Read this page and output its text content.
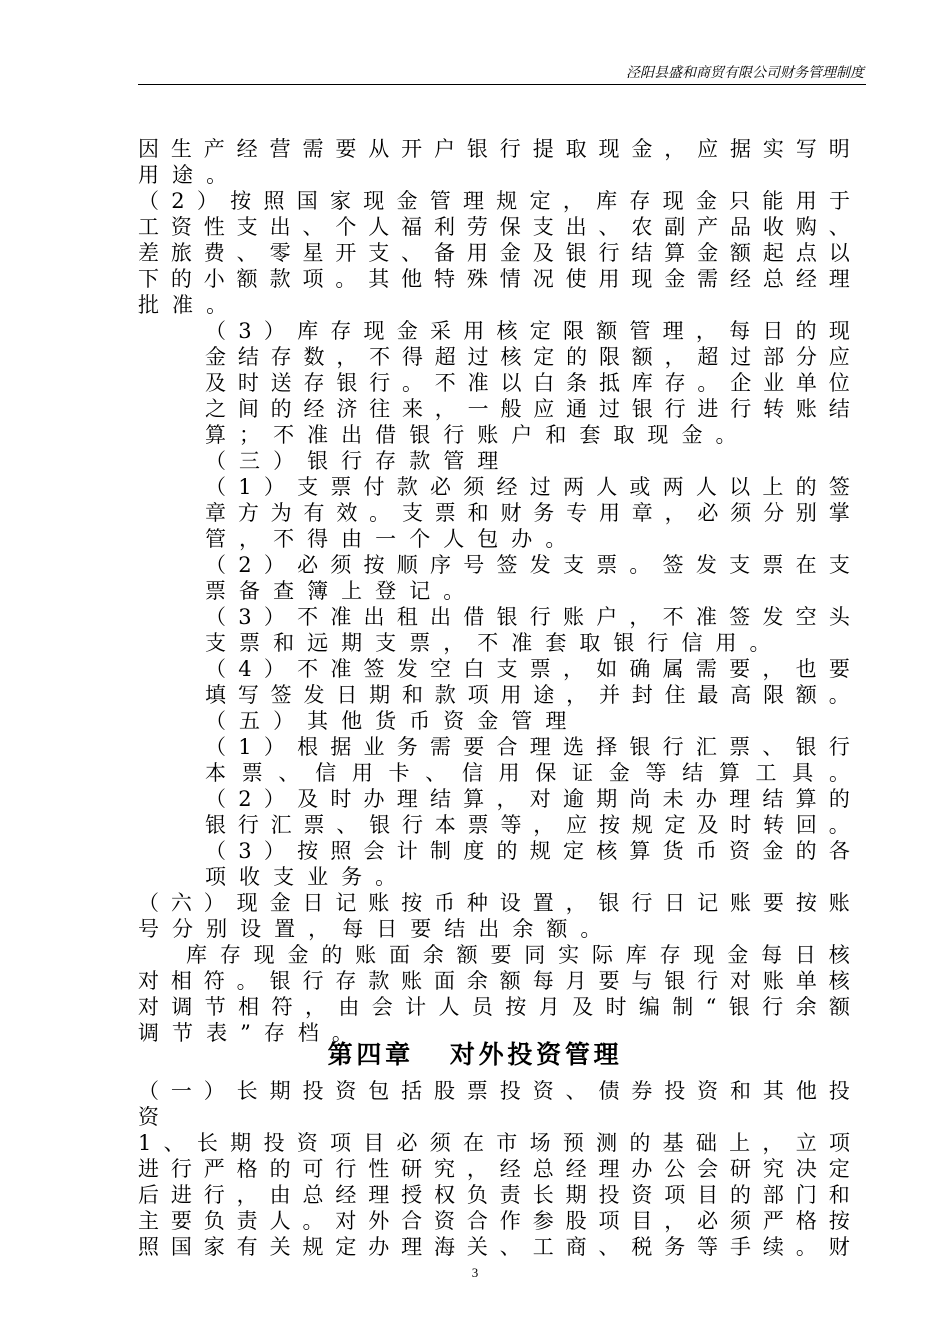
泾阳县盛和商贸有限公司财务管理制度
因 生 产 经 营 需 要 从 开 户 银 行 提 取 现 金 ， 应 据 实 写 明
用途。
（ 2 ） 按 照 国 家 现 金 管 理 规 定 ， 库 存 现 金 只 能 用 于
工 资 性 支 出 、 个 人 福 利 劳 保 支 出 、 农 副 产 品 收 购 、
差 旅 费 、 零 星 开 支 、 备 用 金 及 银 行 结 算 金 额 起 点 以
下 的 小 额 款 项 。 其 他 特 殊 情 况 使 用 现 金 需 经 总 经 理
批准。
（ 3 ） 库 存 现 金 采 用 核 定 限 额 管 理 ， 每 日 的 现
金 结 存 数 ， 不 得 超 过 核 定 的 限 额 ， 超 过 部 分 应
及 时 送 存 银 行 。 不 准 以 白 条 抵 库 存 。 企 业 单 位
之 间 的 经 济 往 来 ， 一 般 应 通 过 银 行 进 行 转 账 结
算；不准出借银行账户和套取现金。
（三）银行存款管理
（ 1 ） 支 票 付 款 必 须 经 过 两 人 或 两 人 以 上 的 签
章 方 为 有 效 。 支 票 和 财 务 专 用 章 ， 必 须 分 别 掌
管，不得由一个人包办。
（ 2 ） 必 须 按 顺 序 号 签 发 支 票 。 签 发 支 票 在 支
票备查簿上登记。
（ 3 ） 不 准 出 租 出 借 银 行 账 户 ， 不 准 签 发 空 头
支票和远期支票，不准套取银行信用。
（ 4 ） 不 准 签 发 空 白 支 票 ， 如 确 属 需 要 ， 也 要
填 写 签 发 日 期 和 款 项 用 途 ， 并 封 住 最 高 限 额 。
（五）其他货币资金管理
（ 1 ） 根 据 业 务 需 要 合 理 选 择 银 行 汇 票 、 银 行
本 票 、 信 用 卡 、 信 用 保 证 金 等 结 算 工 具 。
（ 2 ） 及 时 办 理 结 算 ， 对 逾 期 尚 未 办 理 结 算 的
银 行 汇 票 、 银 行 本 票 等 ， 应 按 规 定 及 时 转 回 。
（ 3 ） 按 照 会 计 制 度 的 规 定 核 算 货 币 资 金 的 各
项收支业务。
（ 六 ） 现 金 日 记 账 按 币 种 设 置 ， 银 行 日 记 账 要 按 账
号分别设置，每日要结出余额。
库 存 现 金 的 账 面 余 额 要 同 实 际 库 存 现 金 每 日 核
对 相 符 。 银 行 存 款 账 面 余 额 每 月 要 与 银 行 对 账 单 核
对 调 节 相 符 ， 由 会 计 人 员 按 月 及 时 编 制 “ 银 行 余 额
调节表”存档。
第四章 对外投资管理
（ 一 ） 长 期 投 资 包 括 股 票 投 资 、 债 券 投 资 和 其 他 投
资
1 、 长 期 投 资 项 目 必 须 在 市 场 预 测 的 基 础 上 ， 立 项
进 行 严 格 的 可 行 性 研 究 ， 经 总 经 理 办 公 会 研 究 决 定
后 进 行 ， 由 总 经 理 授 权 负 责 长 期 投 资 项 目 的 部 门 和
主 要 负 责 人 。 对 外 合 资 合 作 参 股 项 目 ， 必 须 严 格 按
照 国 家 有 关 规 定 办 理 海 关 、 工 商 、 税 务 等 手 续 。 财
3
